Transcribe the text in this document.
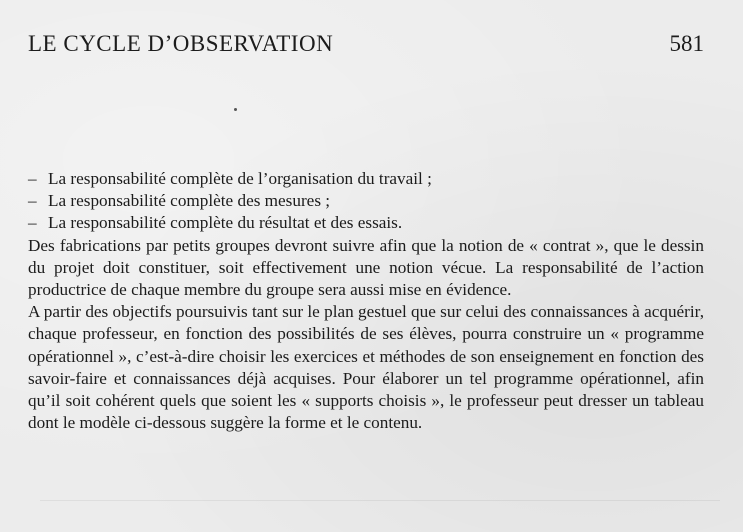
LE CYCLE D’OBSERVATION	581
– La responsabilité complète de l’organisation du travail ;
– La responsabilité complète des mesures ;
– La responsabilité complète du résultat et des essais.

Des fabrications par petits groupes devront suivre afin que la notion de « contrat », que le dessin du projet doit constituer, soit effectivement une notion vécue. La responsabilité de l’action productrice de chaque membre du groupe sera aussi mise en évidence.

A partir des objectifs poursuivis tant sur le plan gestuel que sur celui des connaissances à acquérir, chaque professeur, en fonction des possibilités de ses élèves, pourra construire un « programme opérationnel », c’est-à-dire choisir les exercices et méthodes de son enseignement en fonction des savoir-faire et connaissances déjà acquises. Pour élaborer un tel programme opérationnel, afin qu’il soit cohérent quels que soient les « supports choisis », le professeur peut dresser un tableau dont le modèle ci-dessous suggère la forme et le contenu.
